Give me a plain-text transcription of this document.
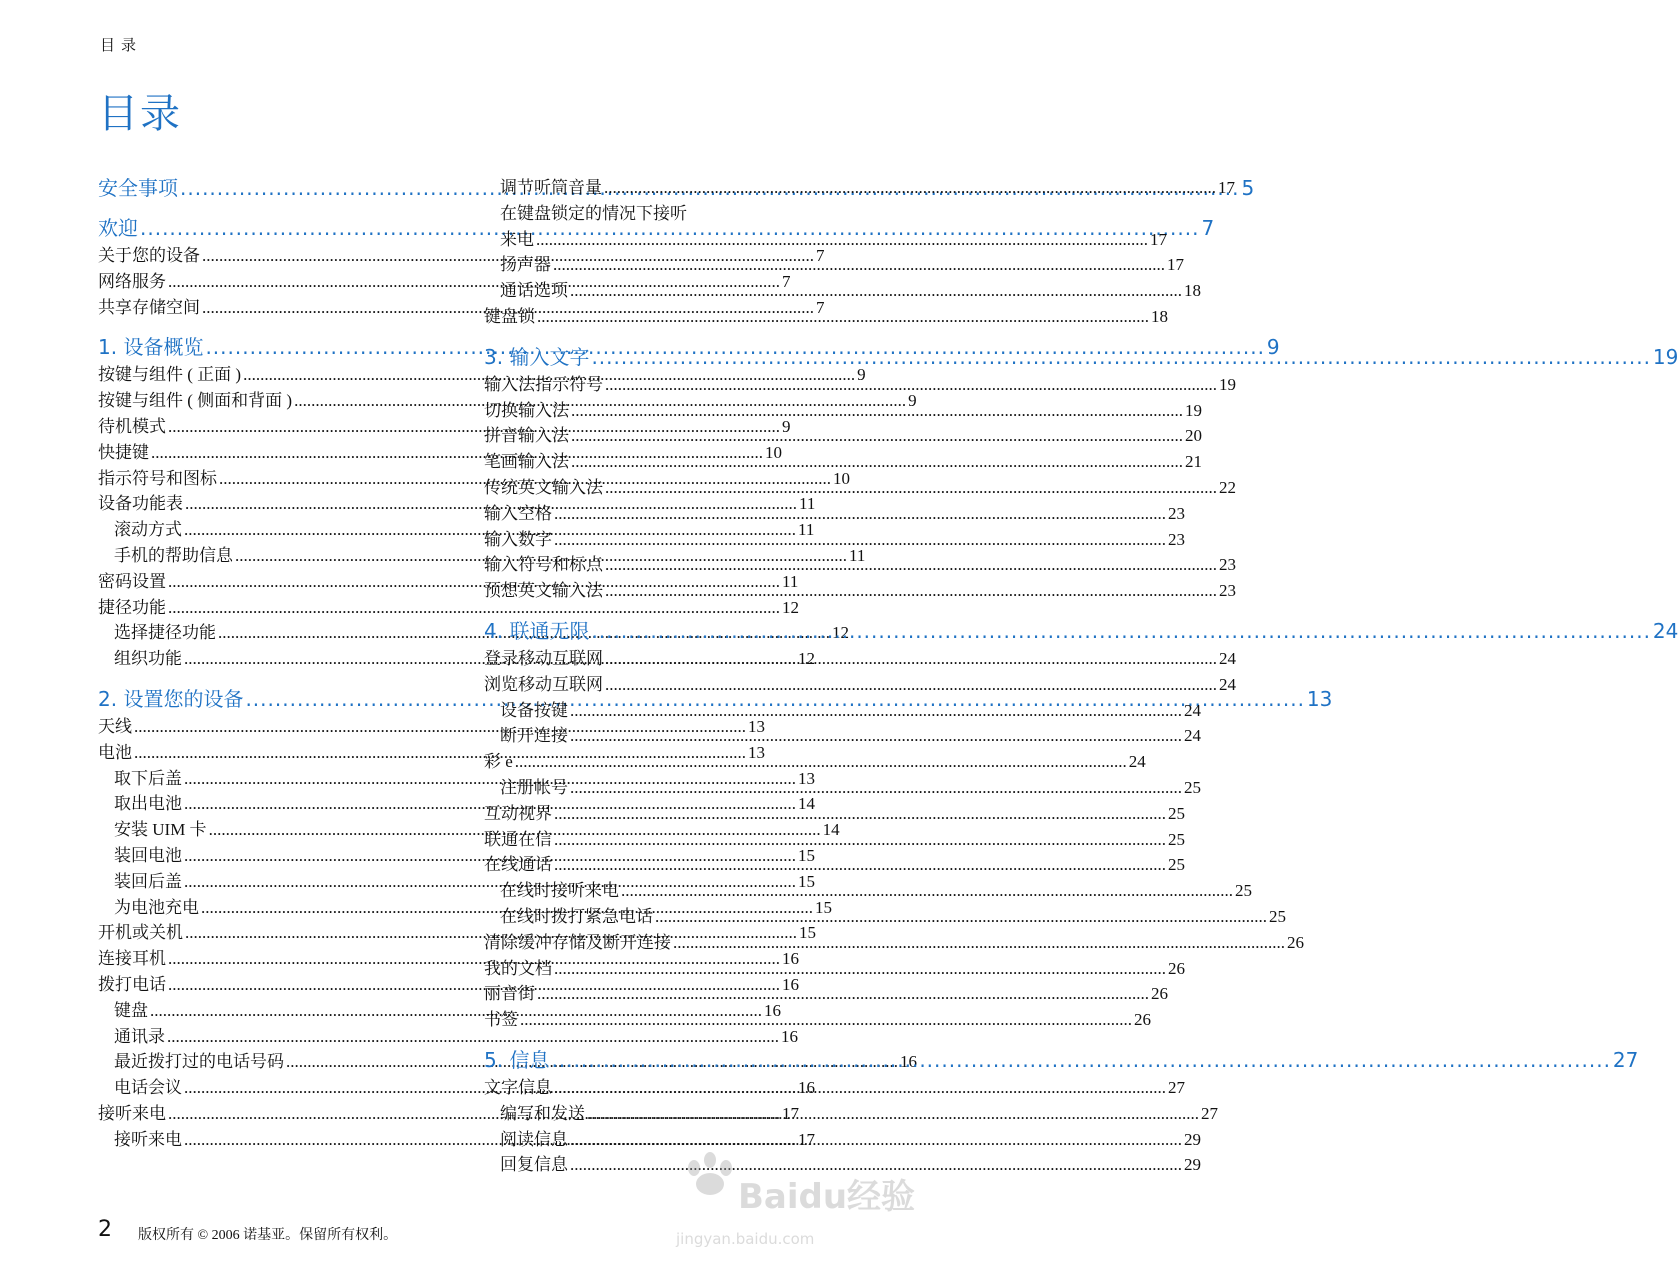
目录
目录
安全事项 .....	5
欢迎 .....	7
关于您的设备 .....	7
网络服务 .....	7
共享存储空间 .....	7
1. 设备概览 .....	9
按键与组件 ( 正面 ) .....	9
按键与组件 ( 侧面和背面 ) .....	9
待机模式 .....	9
快捷键 .....	10
指示符号和图标 .....	10
设备功能表 .....	11
滚动方式 .....	11
手机的帮助信息 .....	11
密码设置 .....	11
捷径功能 .....	12
选择捷径功能 .....	12
组织功能 .....	12
2. 设置您的设备 .....	13
天线 .....	13
电池 .....	13
取下后盖 .....	13
取出电池 .....	14
安装 UIM 卡 .....	14
装回电池 .....	15
装回后盖 .....	15
为电池充电 .....	15
开机或关机 .....	15
连接耳机 .....	16
拨打电话 .....	16
键盘 .....	16
通讯录 .....	16
最近拨打过的电话号码 .....	16
电话会议 .....	16
接听来电 .....	17
接听来电 .....	17
调节听筒音量 .....	17
在键盘锁定的情况下接听
来电 .....	17
扬声器 .....	17
通话选项 .....	18
键盘锁 .....	18
3. 输入文字 .....	19
输入法指示符号 .....	19
切换输入法 .....	19
拼音输入法 .....	20
笔画输入法 .....	21
传统英文输入法 .....	22
输入空格 .....	23
输入数字 .....	23
输入符号和标点 .....	23
预想英文输入法 .....	23
4. 联通无限 .....	24
登录移动互联网 .....	24
浏览移动互联网 .....	24
设备按键 .....	24
断开连接 .....	24
彩 e .....	24
注册帐号 .....	25
互动视界 .....	25
联通在信 .....	25
在线通话 .....	25
在线时接听来电 .....	25
在线时拨打紧急电话 .....	25
清除缓冲存储及断开连接 .....	26
我的文档 .....	26
丽音街 .....	26
书签 .....	26
5. 信息 .....	27
文字信息 .....	27
编写和发送 .....	27
阅读信息 .....	29
回复信息 .....	29
2 版权所有 © 2006 诺基亚。保留所有权利。
Baidu经验
jingyan.baidu.com
